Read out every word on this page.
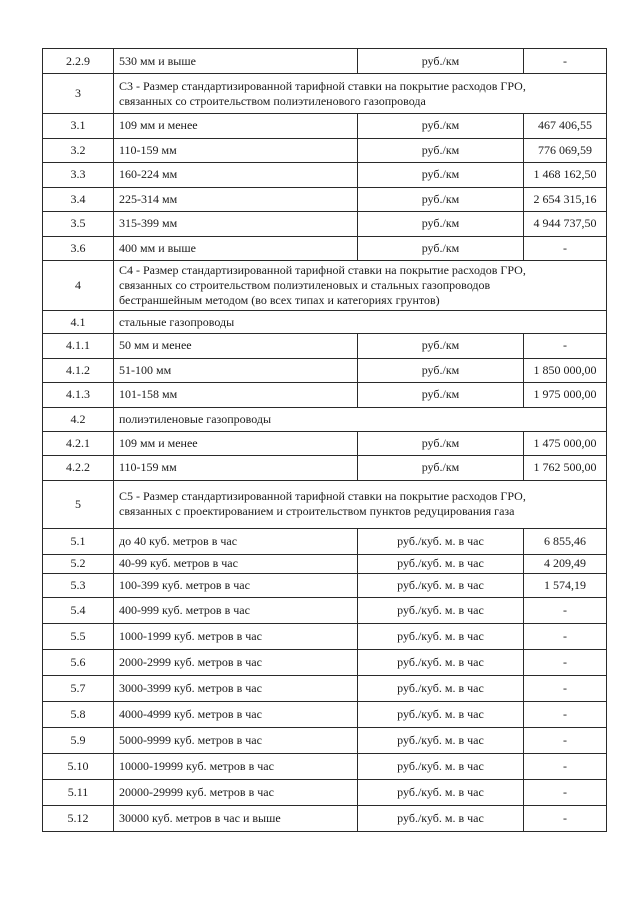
2.2.9	530 мм и выше	руб./км	-
3	С3 - Размер стандартизированной тарифной ставки на покрытие расходов ГРО,
связанных со строительством полиэтиленового газопровода		
3.1	109 мм и менее	руб./км	467 406,55
3.2	110-159 мм	руб./км	776 069,59
3.3	160-224 мм	руб./км	1 468 162,50
3.4	225-314 мм	руб./км	2 654 315,16
3.5	315-399 мм	руб./км	4 944 737,50
3.6	400 мм и выше	руб./км	-
4	С4 - Размер стандартизированной тарифной ставки на покрытие расходов ГРО,
связанных со строительством полиэтиленовых и стальных газопроводов
бестраншейным методом (во всех типах и категориях грунтов)		
4.1	стальные газопроводы		
4.1.1	50 мм и менее	руб./км	-
4.1.2	51-100 мм	руб./км	1 850 000,00
4.1.3	101-158 мм	руб./км	1 975 000,00
4.2	полиэтиленовые газопроводы		
4.2.1	109 мм и менее	руб./км	1 475 000,00
4.2.2	110-159 мм	руб./км	1 762 500,00
5	С5 - Размер стандартизированной тарифной ставки на покрытие расходов ГРО,
связанных с проектированием и строительством пунктов редуцирования газа		
5.1	до 40 куб. метров в час	руб./куб. м. в час	6 855,46
5.2	40-99 куб. метров в час	руб./куб. м. в час	4 209,49
5.3	100-399 куб. метров в час	руб./куб. м. в час	1 574,19
5.4	400-999 куб. метров в час	руб./куб. м. в час	-
5.5	1000-1999 куб. метров в час	руб./куб. м. в час	-
5.6	2000-2999 куб. метров в час	руб./куб. м. в час	-
5.7	3000-3999 куб. метров в час	руб./куб. м. в час	-
5.8	4000-4999 куб. метров в час	руб./куб. м. в час	-
5.9	5000-9999 куб. метров в час	руб./куб. м. в час	-
5.10	10000-19999 куб. метров в час	руб./куб. м. в час	-
5.11	20000-29999 куб. метров в час	руб./куб. м. в час	-
5.12	30000 куб. метров в час и выше	руб./куб. м. в час	-
